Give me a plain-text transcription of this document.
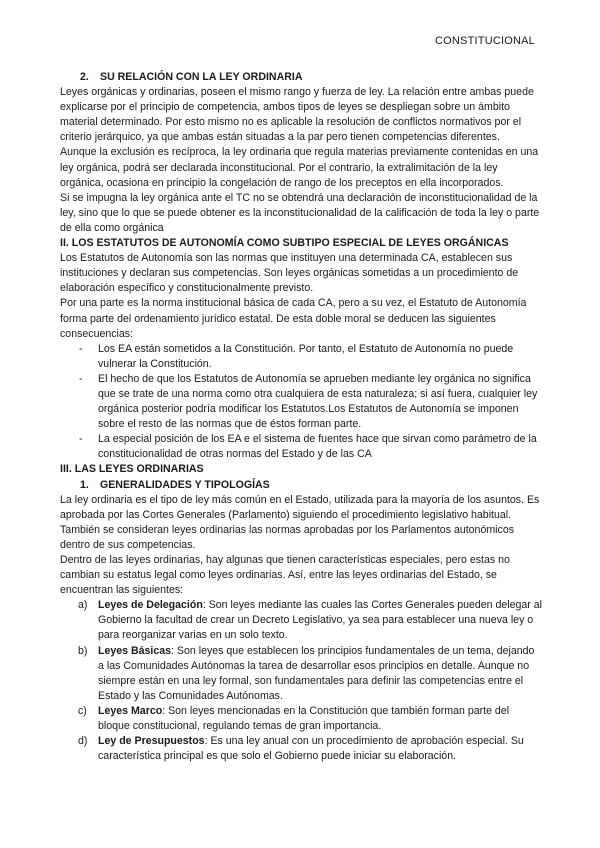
CONSTITUCIONAL

2. SU RELACIÓN CON LA LEY ORDINARIA

Leyes orgánicas y ordinarias, poseen el mismo rango y fuerza de ley. La relación entre ambas puede explicarse por el principio de competencia, ambos tipos de leyes se despliegan sobre un ámbito material determinado. Por esto mismo no es aplicable la resolución de conflictos normativos por el criterio jerárquico, ya que ambas están situadas a la par pero tienen competencias diferentes.

Aunque la exclusión es recíproca, la ley ordinaria que regula materias previamente contenidas en una ley orgánica, podrá ser declarada inconstitucional. Por el contrario, la extralimitación de la ley orgánica, ocasiona en principio la congelación de rango de los preceptos en ella incorporados.

Si se impugna la ley orgánica ante el TC no se obtendrá una declaración de inconstitucionalidad de la ley, sino que lo que se puede obtener es la inconstitucionalidad de la calificación de toda la ley o parte de ella como orgánica

II. LOS ESTATUTOS DE AUTONOMÍA COMO SUBTIPO ESPECIAL DE LEYES ORGÁNICAS

Los Estatutos de Autonomía son las normas que instituyen una determinada CA, establecen sus instituciones y declaran sus competencias. Son leyes orgánicas sometidas a un procedimiento de elaboración específico y constitucionalmente previsto.

Por una parte es la norma institucional básica de cada CA, pero a su vez, el Estatuto de Autonomía forma parte del ordenamiento jurídico estatal. De esta doble moral se deducen las siguientes consecuencias:

- Los EA están sometidos a la Constitución. Por tanto, el Estatuto de Autonomía no puede vulnerar la Constitución.
- El hecho de que los Estatutos de Autonomía se aprueben mediante ley orgánica no significa que se trate de una norma como otra cualquiera de esta naturaleza; si así fuera, cualquier ley orgánica posterior podría modificar los Estatutos.Los Estatutos de Autonomía se imponen sobre el resto de las normas que de éstos forman parte.
- La especial posición de los EA e el sistema de fuentes hace que sirvan como parámetro de la constitucionalidad de otras normas del Estado y de las CA

III. LAS LEYES ORDINARIAS

1. GENERALIDADES Y TIPOLOGÍAS

La ley ordinaria es el tipo de ley más común en el Estado, utilizada para la mayoría de los asuntos. Es aprobada por las Cortes Generales (Parlamento) siguiendo el procedimiento legislativo habitual. También se consideran leyes ordinarias las normas aprobadas por los Parlamentos autonómicos dentro de sus competencias.

Dentro de las leyes ordinarias, hay algunas que tienen características especiales, pero estas no cambian su estatus legal como leyes ordinarias. Así, entre las leyes ordinarias del Estado, se encuentran las siguientes:

a) Leyes de Delegación: Son leyes mediante las cuales las Cortes Generales pueden delegar al Gobierno la facultad de crear un Decreto Legislativo, ya sea para establecer una nueva ley o para reorganizar varias en un solo texto.
b) Leyes Básicas: Son leyes que establecen los principios fundamentales de un tema, dejando a las Comunidades Autónomas la tarea de desarrollar esos principios en detalle. Aunque no siempre están en una ley formal, son fundamentales para definir las competencias entre el Estado y las Comunidades Autónomas.
c) Leyes Marco: Son leyes mencionadas en la Constitución que también forman parte del bloque constitucional, regulando temas de gran importancia.
d) Ley de Presupuestos: Es una ley anual con un procedimiento de aprobación especial. Su característica principal es que solo el Gobierno puede iniciar su elaboración.
